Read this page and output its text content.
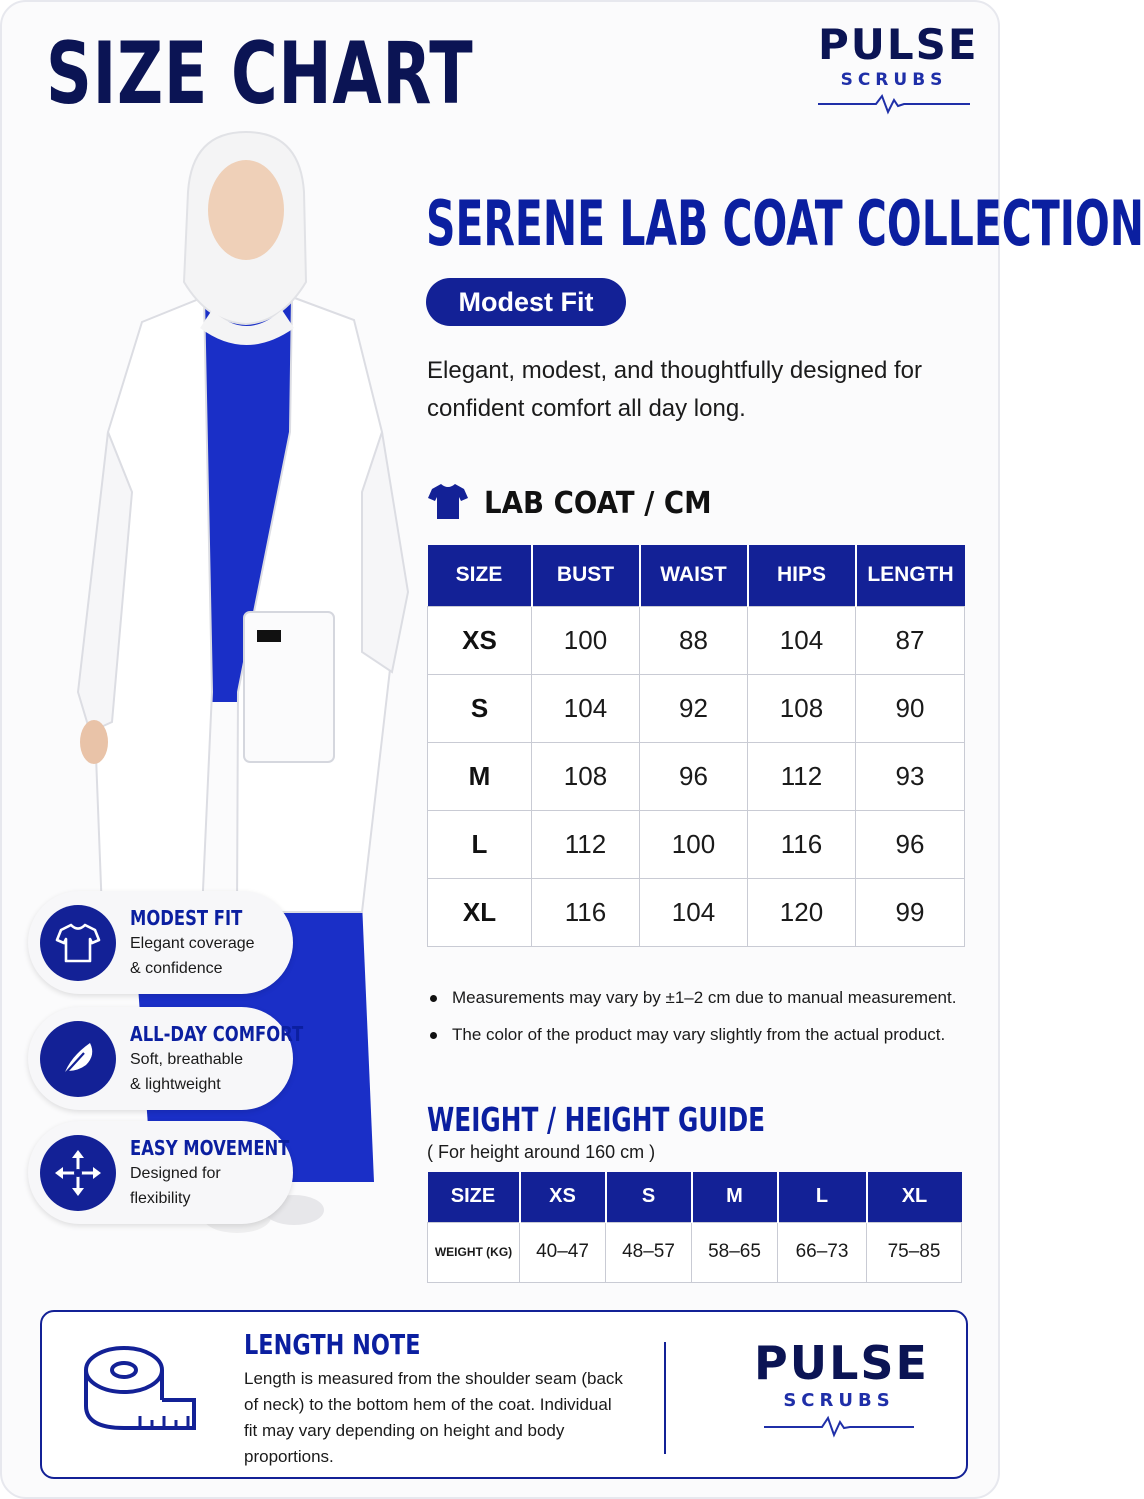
SIZE CHART	PULSE
SCRUBS
SERENE LAB COAT COLLECTION
Modest Fit
Elegant, modest, and thoughtfully designed for confident comfort all day long.
LAB COAT / CM
SIZE	BUST	WAIST	HIPS	LENGTH
XS	100	88	104	87
S	104	92	108	90
M	108	96	112	93
L	112	100	116	96
XL	116	104	120	99
Measurements may vary by ±1–2 cm due to manual measurement.
The color of the product may vary slightly from the actual product.
WEIGHT / HEIGHT GUIDE
( For height around 160 cm )
SIZE	XS	S	M	L	XL
WEIGHT (KG)	40–47	48–57	58–65	66–73	75–85
MODEST FIT
Elegant coverage
& confidence
ALL-DAY COMFORT
Soft, breathable
& lightweight
EASY MOVEMENT
Designed for
flexibility
LENGTH NOTE
Length is measured from the shoulder seam (back of neck) to the bottom hem of the coat. Individual fit may vary depending on height and body proportions.
PULSE
SCRUBS
